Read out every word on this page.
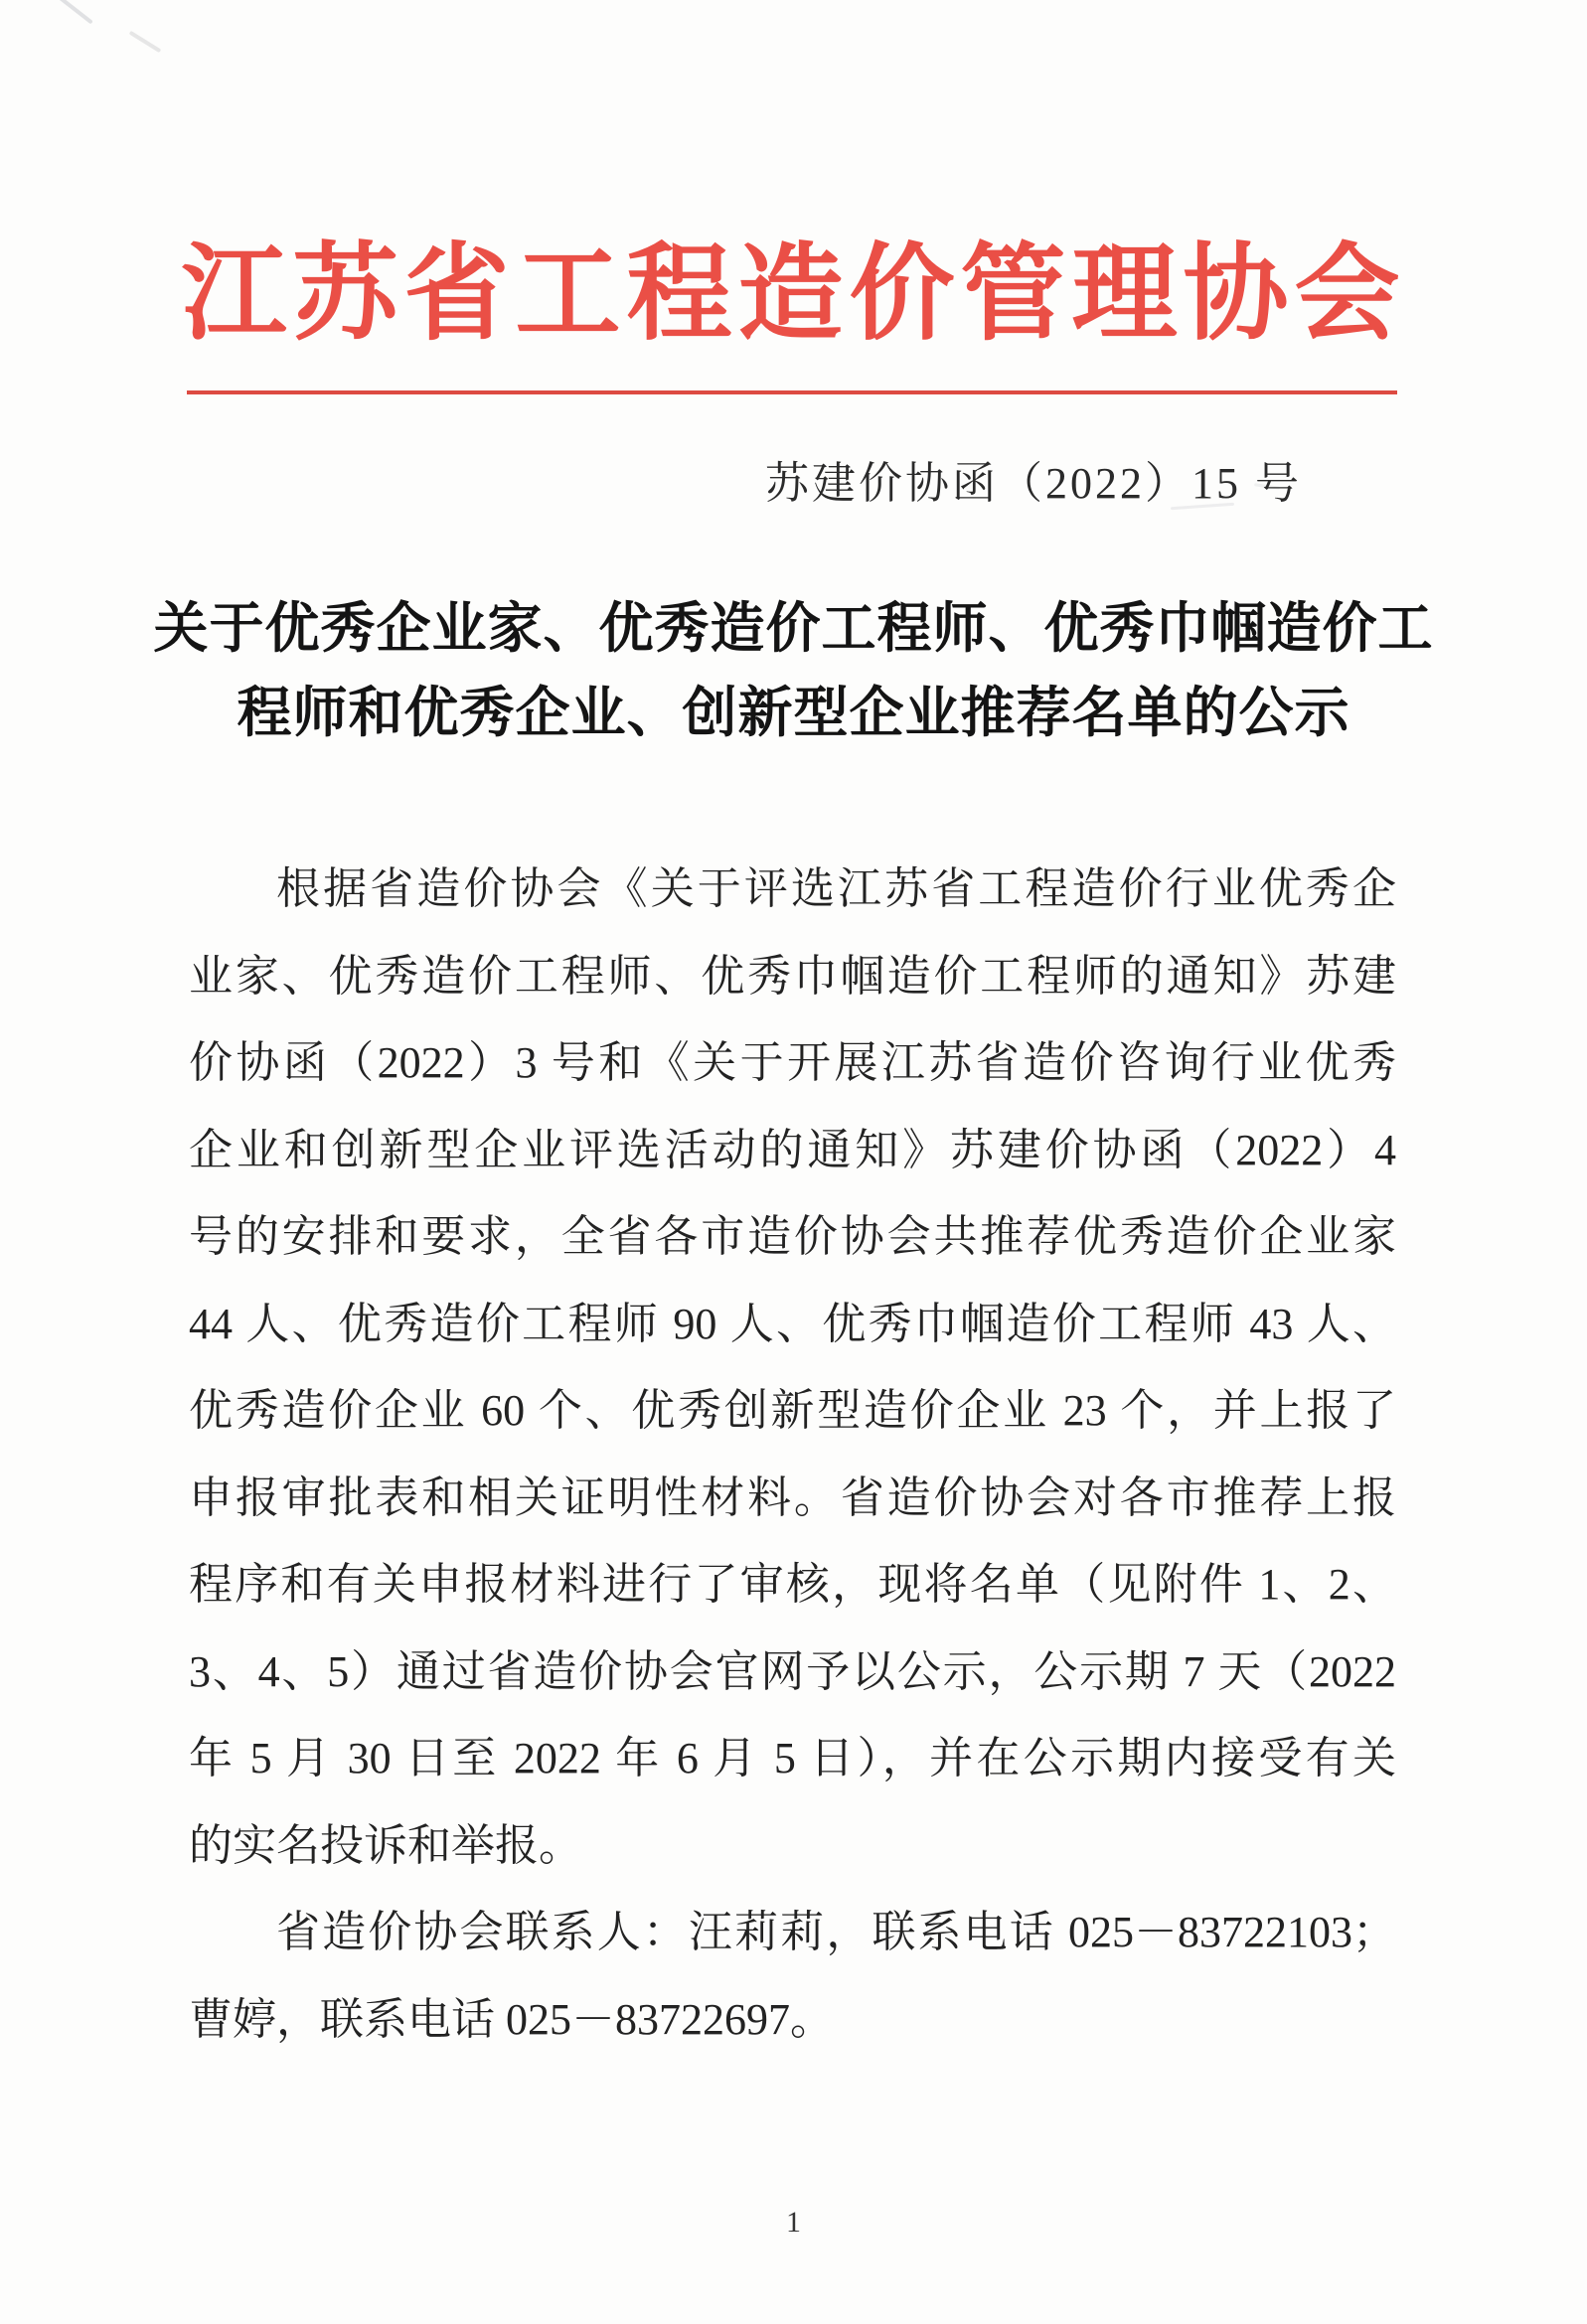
江苏省工程造价管理协会
苏建价协函（2022）15 号
关于优秀企业家、优秀造价工程师、优秀巾帼造价工
程师和优秀企业、创新型企业推荐名单的公示
根据省造价协会《关于评选江苏省工程造价行业优秀企
业家、优秀造价工程师、优秀巾帼造价工程师的通知》苏建
价协函（2022）3 号和《关于开展江苏省造价咨询行业优秀
企业和创新型企业评选活动的通知》苏建价协函（2022）4
号的安排和要求，全省各市造价协会共推荐优秀造价企业家
44 人、优秀造价工程师 90 人、优秀巾帼造价工程师 43 人、
优秀造价企业 60 个、优秀创新型造价企业 23 个，并上报了
申报审批表和相关证明性材料。省造价协会对各市推荐上报
程序和有关申报材料进行了审核，现将名单（见附件 1、2、
3、4、5）通过省造价协会官网予以公示，公示期 7 天（2022
年 5 月 30 日至 2022 年 6 月 5 日），并在公示期内接受有关
的实名投诉和举报。
省造价协会联系人：汪莉莉，联系电话 025－83722103；
曹婷，联系电话 025－83722697。
1
